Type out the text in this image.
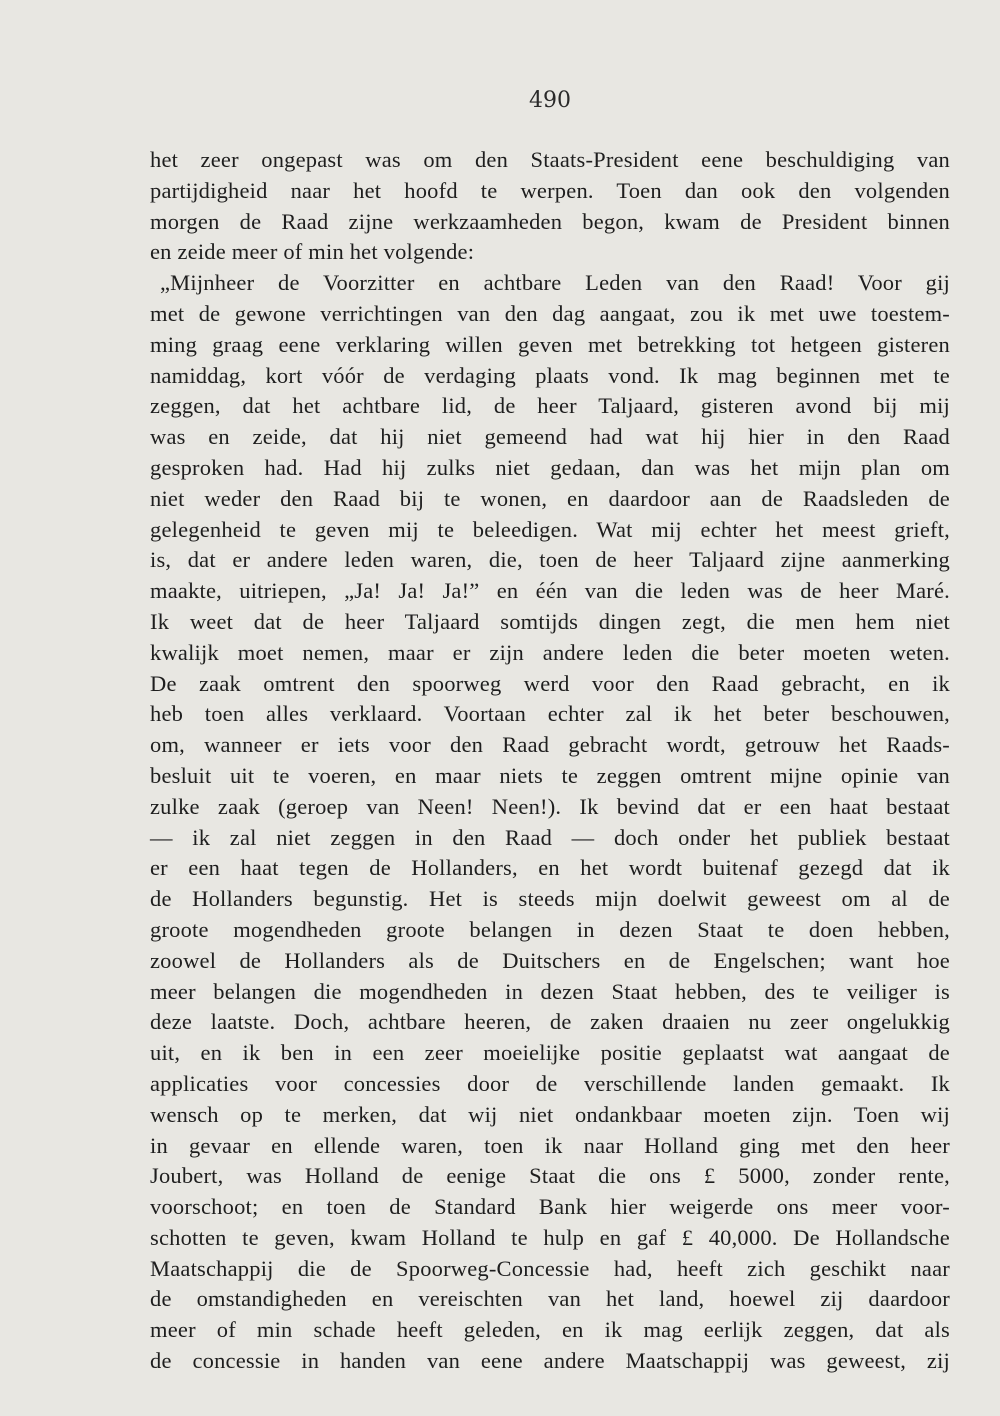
490
het zeer ongepast was om den Staats-President eene beschuldiging van
partijdigheid naar het hoofd te werpen. Toen dan ook den volgenden
morgen de Raad zijne werkzaamheden begon, kwam de President binnen
en zeide meer of min het volgende:
„Mijnheer de Voorzitter en achtbare Leden van den Raad! Voor gij
met de gewone verrichtingen van den dag aangaat, zou ik met uwe toestem-
ming graag eene verklaring willen geven met betrekking tot hetgeen gisteren
namiddag, kort vóór de verdaging plaats vond. Ik mag beginnen met te
zeggen, dat het achtbare lid, de heer Taljaard, gisteren avond bij mij
was en zeide, dat hij niet gemeend had wat hij hier in den Raad
gesproken had. Had hij zulks niet gedaan, dan was het mijn plan om
niet weder den Raad bij te wonen, en daardoor aan de Raadsleden de
gelegenheid te geven mij te beleedigen. Wat mij echter het meest grieft,
is, dat er andere leden waren, die, toen de heer Taljaard zijne aanmerking
maakte, uitriepen, „Ja! Ja! Ja!” en één van die leden was de heer Maré.
Ik weet dat de heer Taljaard somtijds dingen zegt, die men hem niet
kwalijk moet nemen, maar er zijn andere leden die beter moeten weten.
De zaak omtrent den spoorweg werd voor den Raad gebracht, en ik
heb toen alles verklaard. Voortaan echter zal ik het beter beschouwen,
om, wanneer er iets voor den Raad gebracht wordt, getrouw het Raads-
besluit uit te voeren, en maar niets te zeggen omtrent mijne opinie van
zulke zaak (geroep van Neen! Neen!). Ik bevind dat er een haat bestaat
— ik zal niet zeggen in den Raad — doch onder het publiek bestaat
er een haat tegen de Hollanders, en het wordt buitenaf gezegd dat ik
de Hollanders begunstig. Het is steeds mijn doelwit geweest om al de
groote mogendheden groote belangen in dezen Staat te doen hebben,
zoowel de Hollanders als de Duitschers en de Engelschen; want hoe
meer belangen die mogendheden in dezen Staat hebben, des te veiliger is
deze laatste. Doch, achtbare heeren, de zaken draaien nu zeer ongelukkig
uit, en ik ben in een zeer moeielijke positie geplaatst wat aangaat de
applicaties voor concessies door de verschillende landen gemaakt. Ik
wensch op te merken, dat wij niet ondankbaar moeten zijn. Toen wij
in gevaar en ellende waren, toen ik naar Holland ging met den heer
Joubert, was Holland de eenige Staat die ons £ 5000, zonder rente,
voorschoot; en toen de Standard Bank hier weigerde ons meer voor-
schotten te geven, kwam Holland te hulp en gaf £ 40,000. De Hollandsche
Maatschappij die de Spoorweg-Concessie had, heeft zich geschikt naar
de omstandigheden en vereischten van het land, hoewel zij daardoor
meer of min schade heeft geleden, en ik mag eerlijk zeggen, dat als
de concessie in handen van eene andere Maatschappij was geweest, zij
